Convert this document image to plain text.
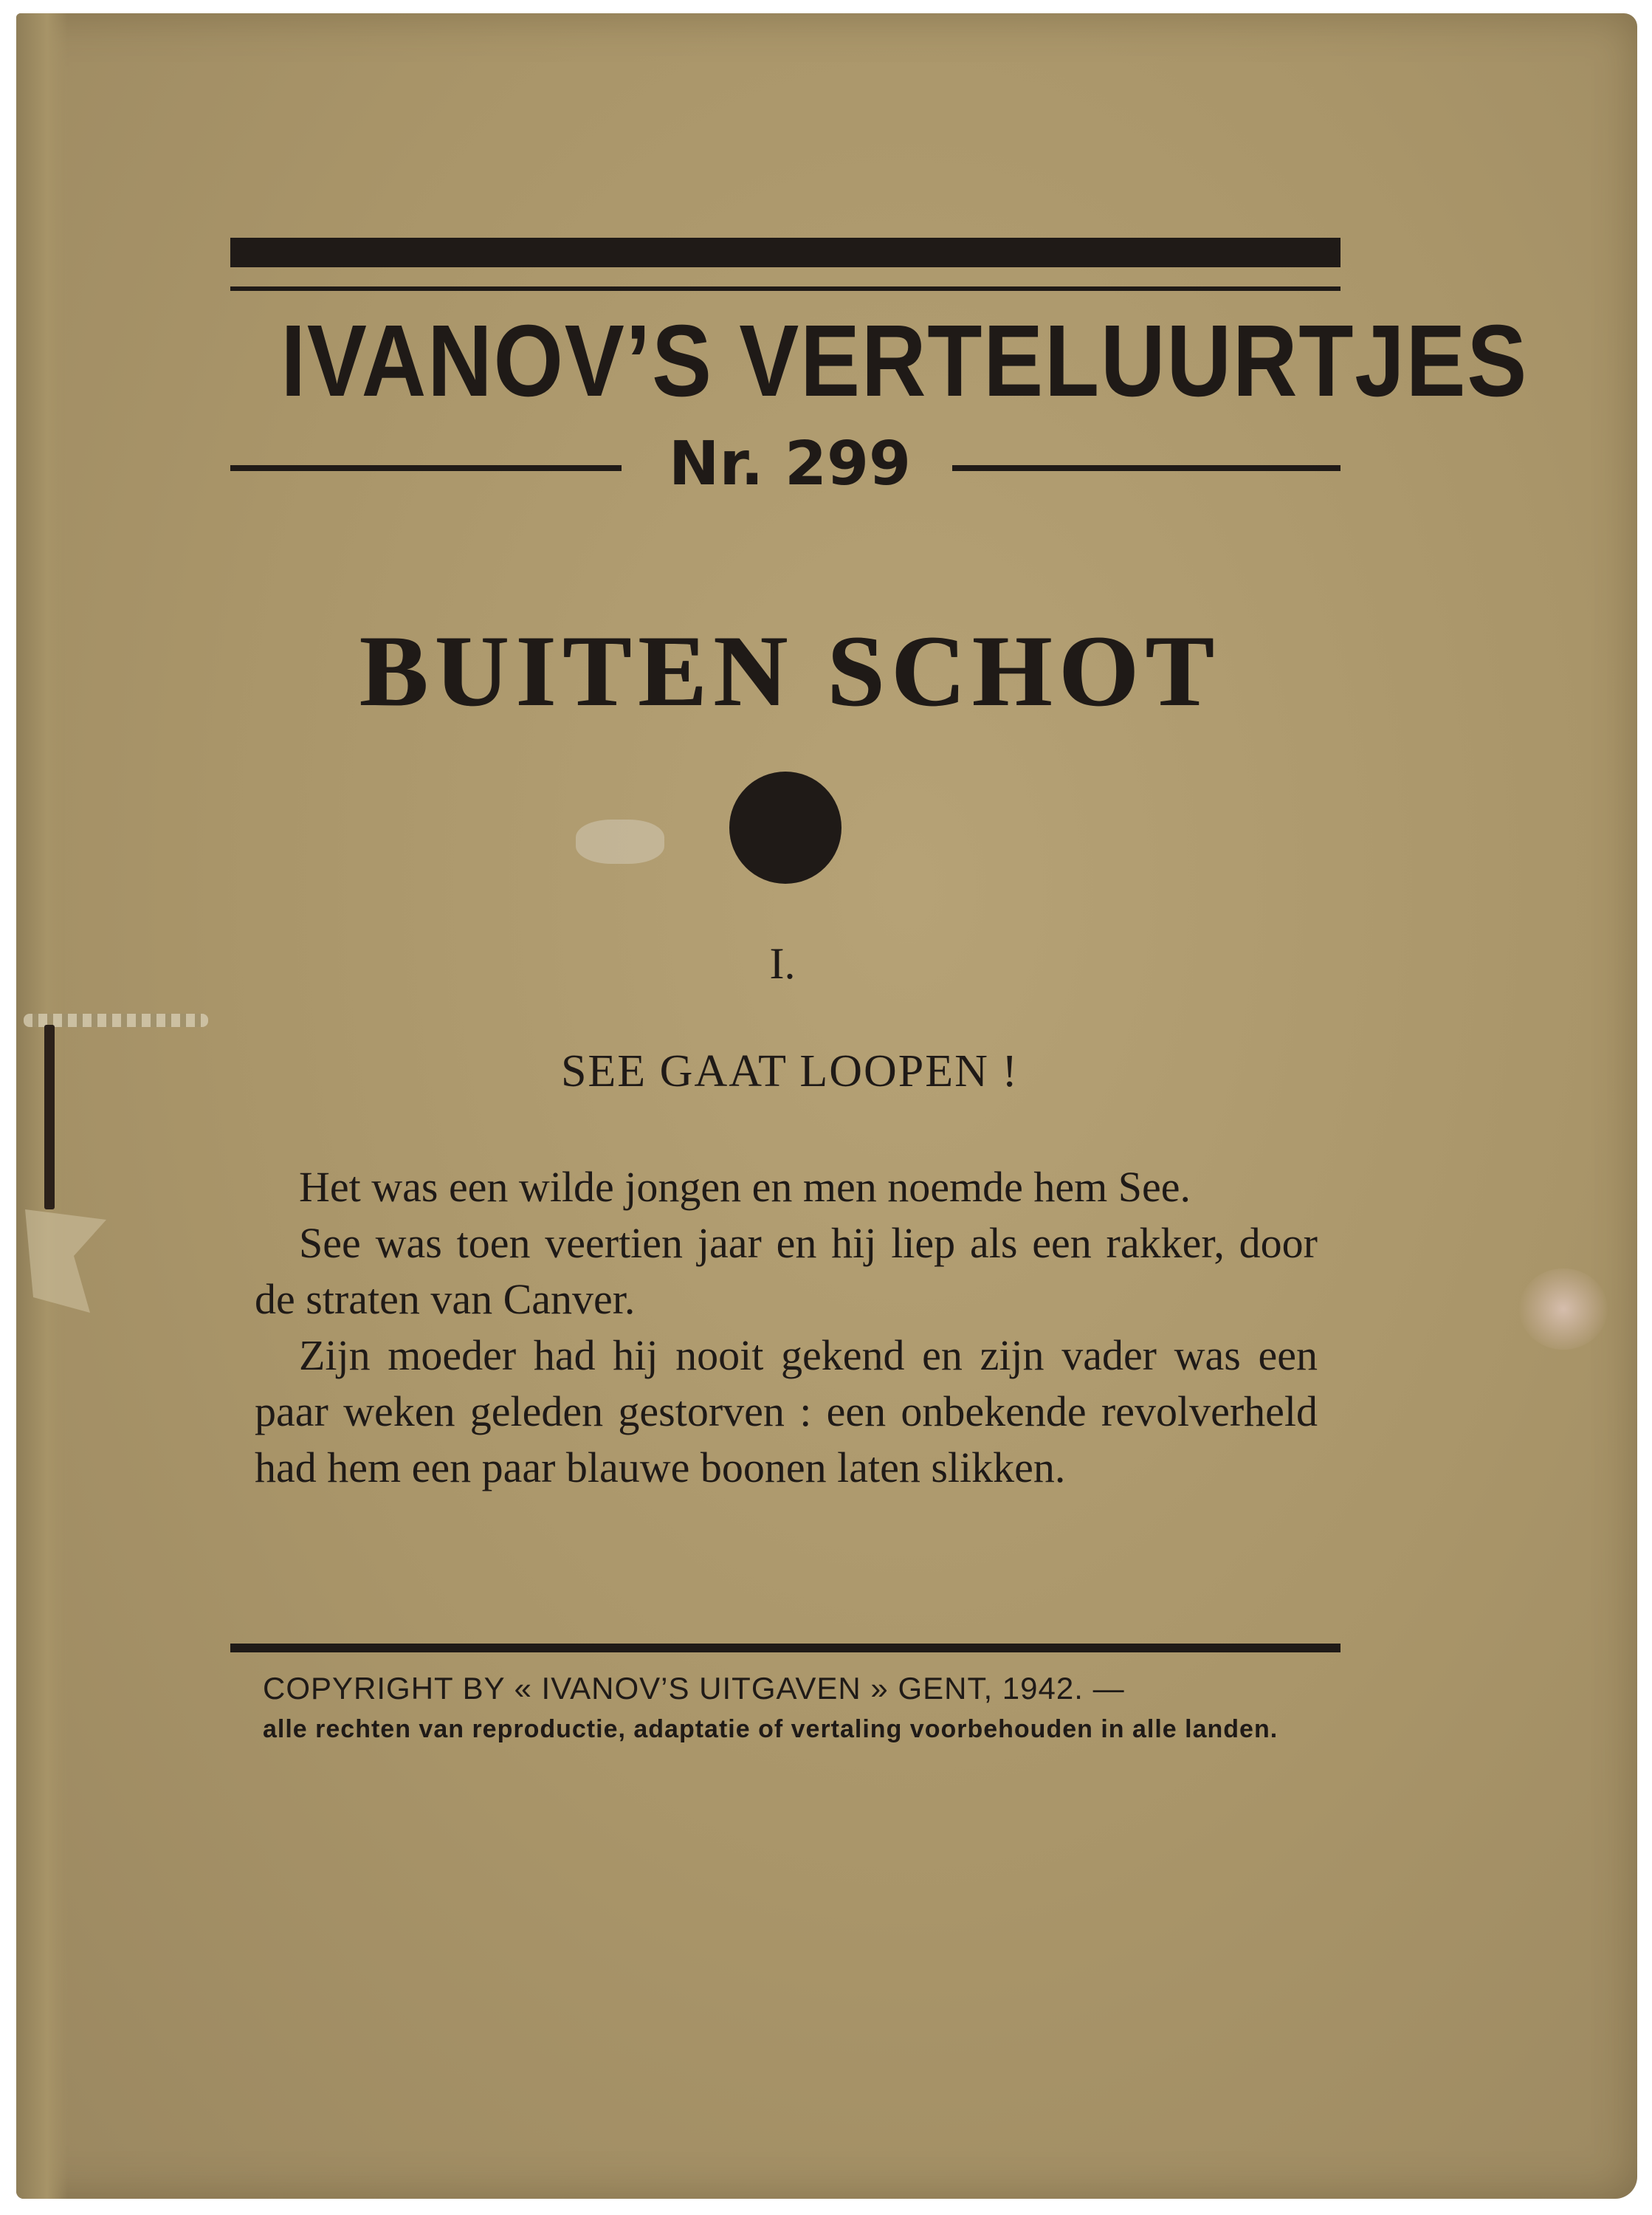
IVANOV’S VERTELUURTJES
Nr. 299
BUITEN SCHOT
I.
SEE GAAT LOOPEN !

Het was een wilde jongen en men noemde hem See.

See was toen veertien jaar en hij liep als een rakker, door de straten van Canver.

Zijn moeder had hij nooit gekend en zijn vader was een paar weken geleden gestorven : een onbekende revolverheld had hem een paar blauwe boonen laten slikken.

COPYRIGHT BY « IVANOV’S UITGAVEN » GENT, 1942. —
alle rechten van reproductie, adaptatie of vertaling voorbehouden in alle landen.
